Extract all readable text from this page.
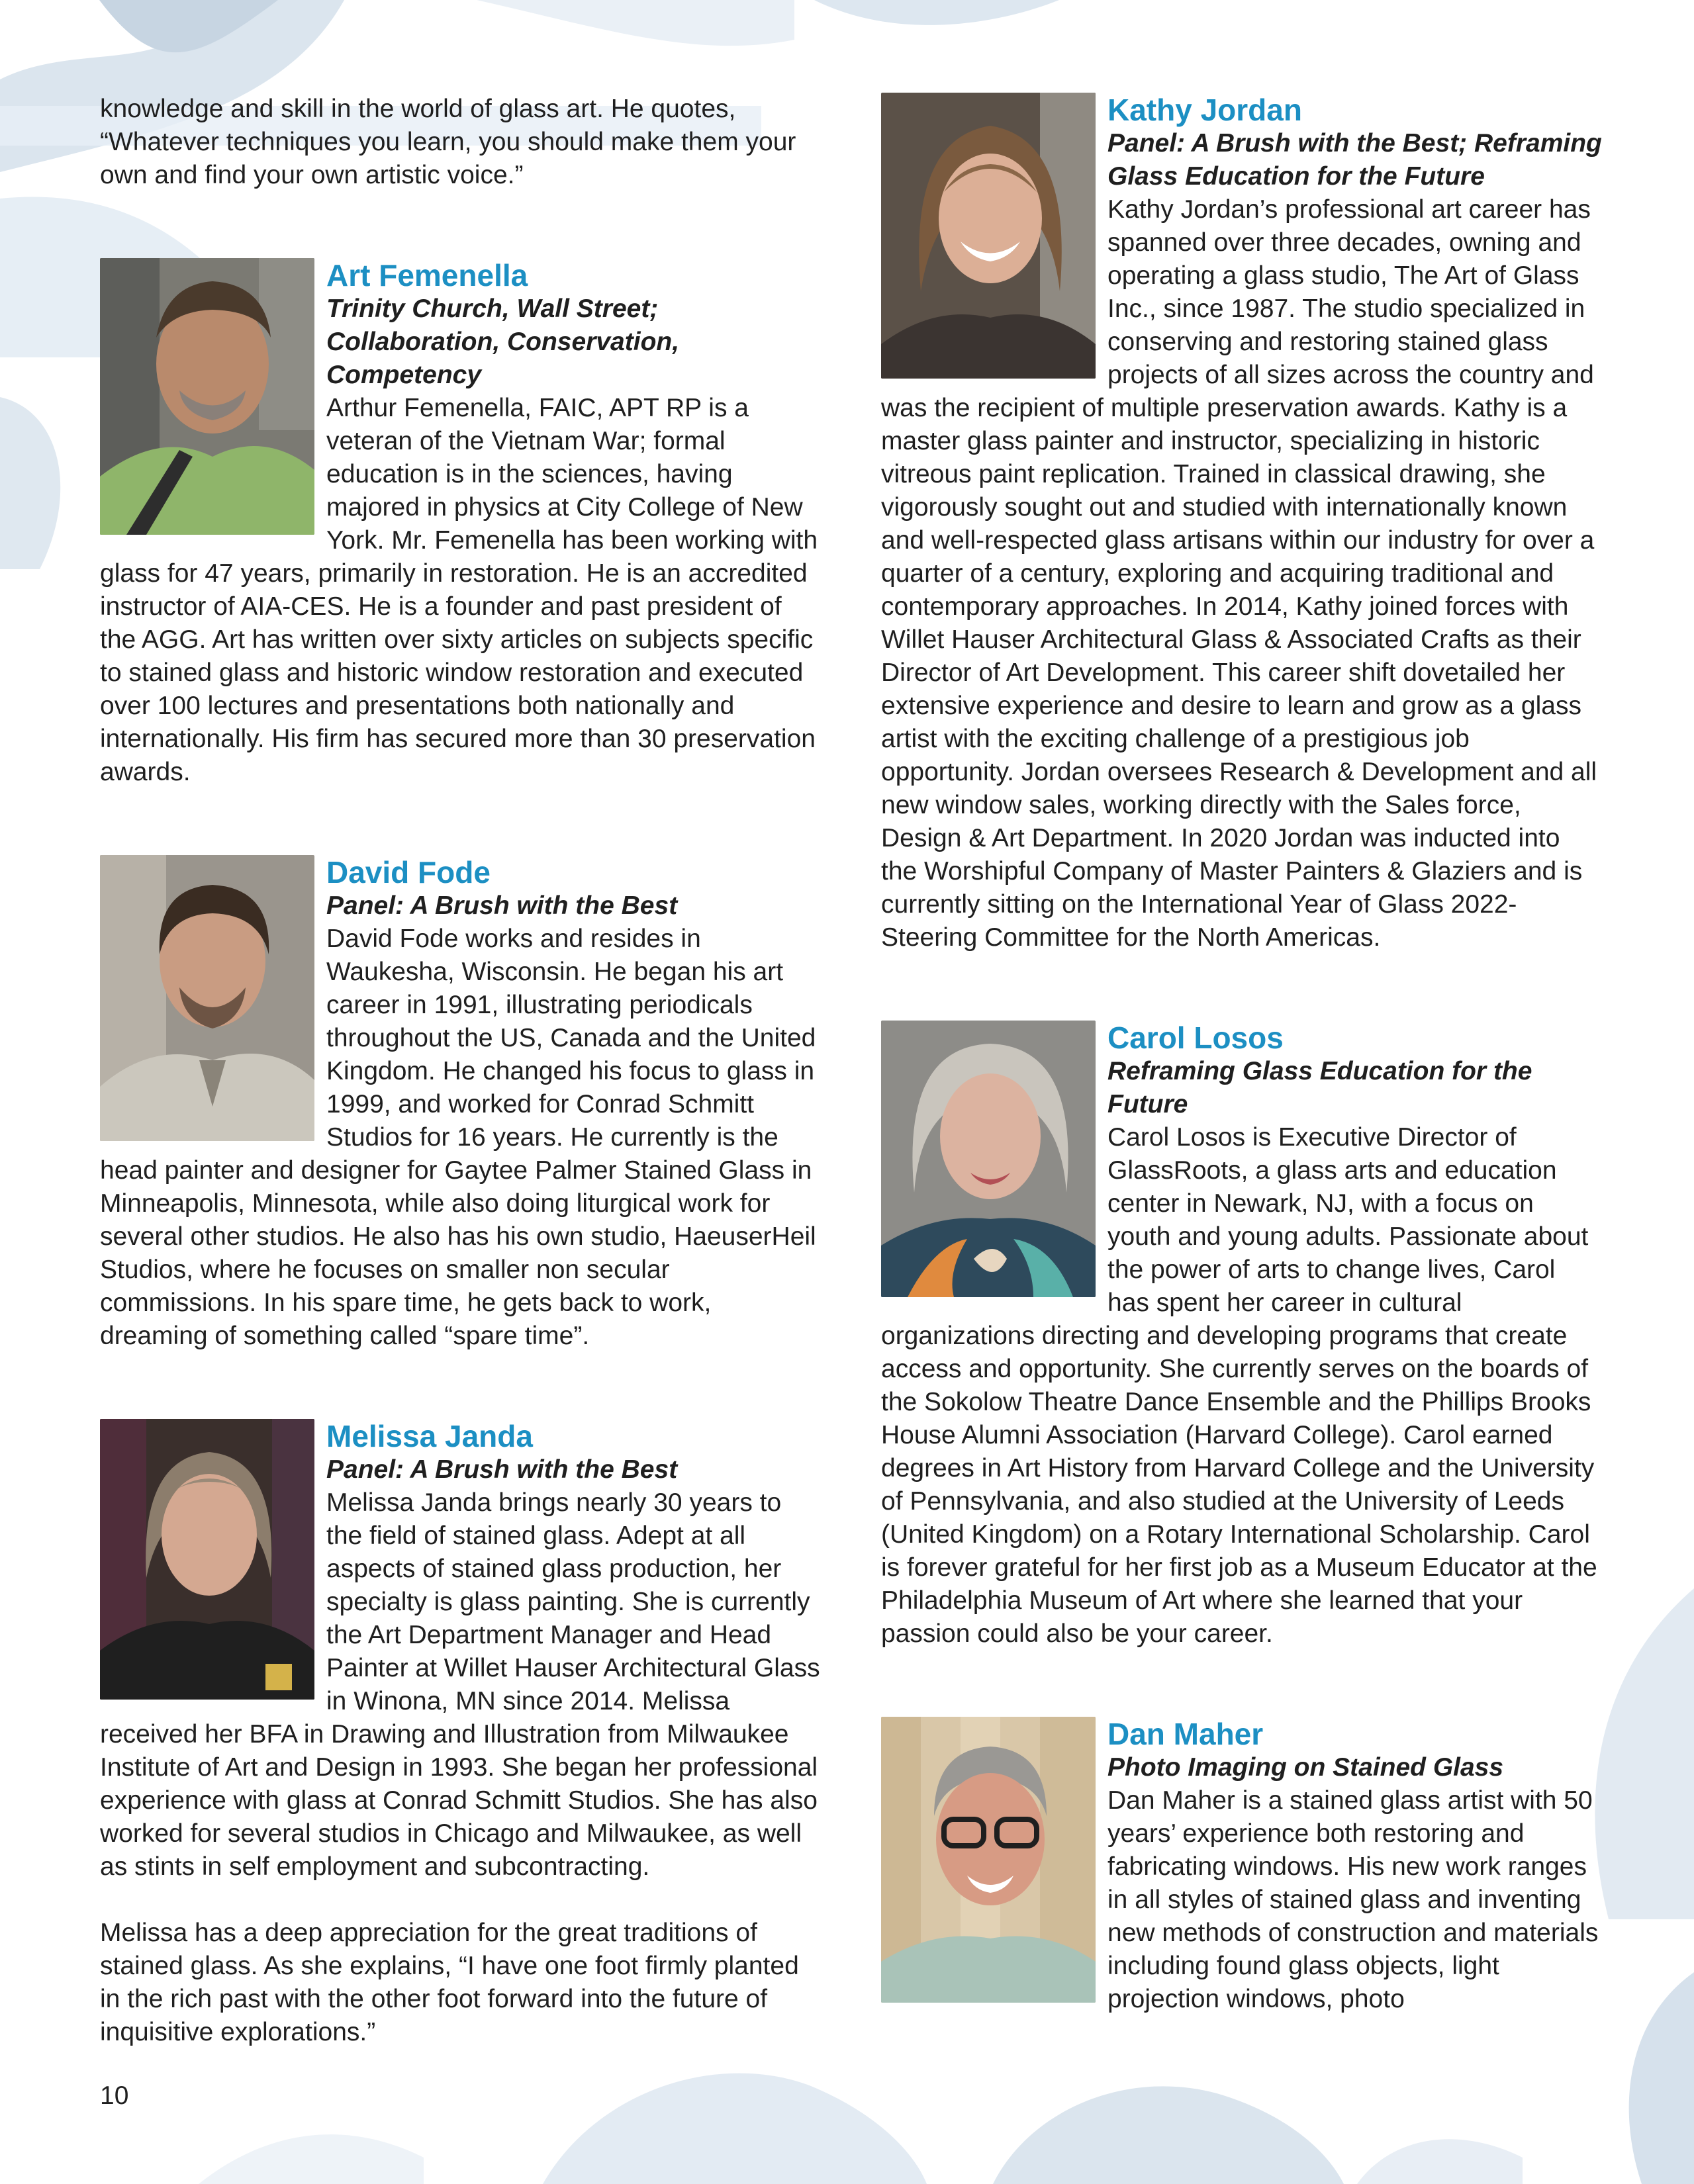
knowledge and skill in the world of glass art. He quotes, “Whatever techniques you learn, you should make them your own and find your own artistic voice.”

Art Femenella
Trinity Church, Wall Street; Collaboration, Conservation, Competency
Arthur Femenella, FAIC, APT RP is a veteran of the Vietnam War; formal education is in the sciences, having majored in physics at City College of New York. Mr. Femenella has been working with glass for 47 years, primarily in restoration. He is an accredited instructor of AIA-CES. He is a founder and past president of the AGG. Art has written over sixty articles on subjects specific to stained glass and historic window restoration and executed over 100 lectures and presentations both nationally and internationally. His firm has secured more than 30 preservation awards.
David Fode
Panel: A Brush with the Best
David Fode works and resides in Waukesha, Wisconsin. He began his art career in 1991, illustrating periodicals throughout the US, Canada and the United Kingdom. He changed his focus to glass in 1999, and worked for Conrad Schmitt Studios for 16 years. He currently is the head painter and designer for Gaytee Palmer Stained Glass in Minneapolis, Minnesota, while also doing liturgical work for several other studios. He also has his own studio, HaeuserHeil Studios, where he focuses on smaller non secular commissions. In his spare time, he gets back to work, dreaming of something called “spare time”.
Melissa Janda
Panel: A Brush with the Best
Melissa Janda brings nearly 30 years to the field of stained glass. Adept at all aspects of stained glass production, her specialty is glass painting. She is currently the Art Department Manager and Head Painter at Willet Hauser Architectural Glass in Winona, MN since 2014. Melissa received her BFA in Drawing and Illustration from Milwaukee Institute of Art and Design in 1993. She began her professional experience with glass at Conrad Schmitt Studios. She has also worked for several studios in Chicago and Milwaukee, as well as stints in self employment and subcontracting.

Melissa has a deep appreciation for the great traditions of stained glass. As she explains, “I have one foot firmly planted in the rich past with the other foot forward into the future of inquisitive explorations.”

Kathy Jordan
Panel: A Brush with the Best; Reframing Glass Education for the Future
Kathy Jordan’s professional art career has spanned over three decades, owning and operating a glass studio, The Art of Glass Inc., since 1987. The studio specialized in conserving and restoring stained glass projects of all sizes across the country and was the recipient of multiple preservation awards. Kathy is a master glass painter and instructor, specializing in historic vitreous paint replication. Trained in classical drawing, she vigorously sought out and studied with internationally known and well-respected glass artisans within our industry for over a quarter of a century, exploring and acquiring traditional and contemporary approaches. In 2014, Kathy joined forces with Willet Hauser Architectural Glass & Associated Crafts as their Director of Art Development. This career shift dovetailed her extensive experience and desire to learn and grow as a glass artist with the exciting challenge of a prestigious job opportunity. Jordan oversees Research & Development and all new window sales, working directly with the Sales force, Design & Art Department. In 2020 Jordan was inducted into the Worshipful Company of Master Painters & Glaziers and is currently sitting on the International Year of Glass 2022-Steering Committee for the North Americas.
Carol Losos
Reframing Glass Education for the Future
Carol Losos is Executive Director of GlassRoots, a glass arts and education center in Newark, NJ, with a focus on youth and young adults. Passionate about the power of arts to change lives, Carol has spent her career in cultural organizations directing and developing programs that create access and opportunity. She currently serves on the boards of the Sokolow Theatre Dance Ensemble and the Phillips Brooks House Alumni Association (Harvard College). Carol earned degrees in Art History from Harvard College and the University of Pennsylvania, and also studied at the University of Leeds (United Kingdom) on a Rotary International Scholarship. Carol is forever grateful for her first job as a Museum Educator at the Philadelphia Museum of Art where she learned that your passion could also be your career.
Dan Maher
Photo Imaging on Stained Glass
Dan Maher is a stained glass artist with 50 years’ experience both restoring and fabricating windows. His new work ranges in all styles of stained glass and inventing new methods of construction and materials including found glass objects, light projection windows, photo
10
